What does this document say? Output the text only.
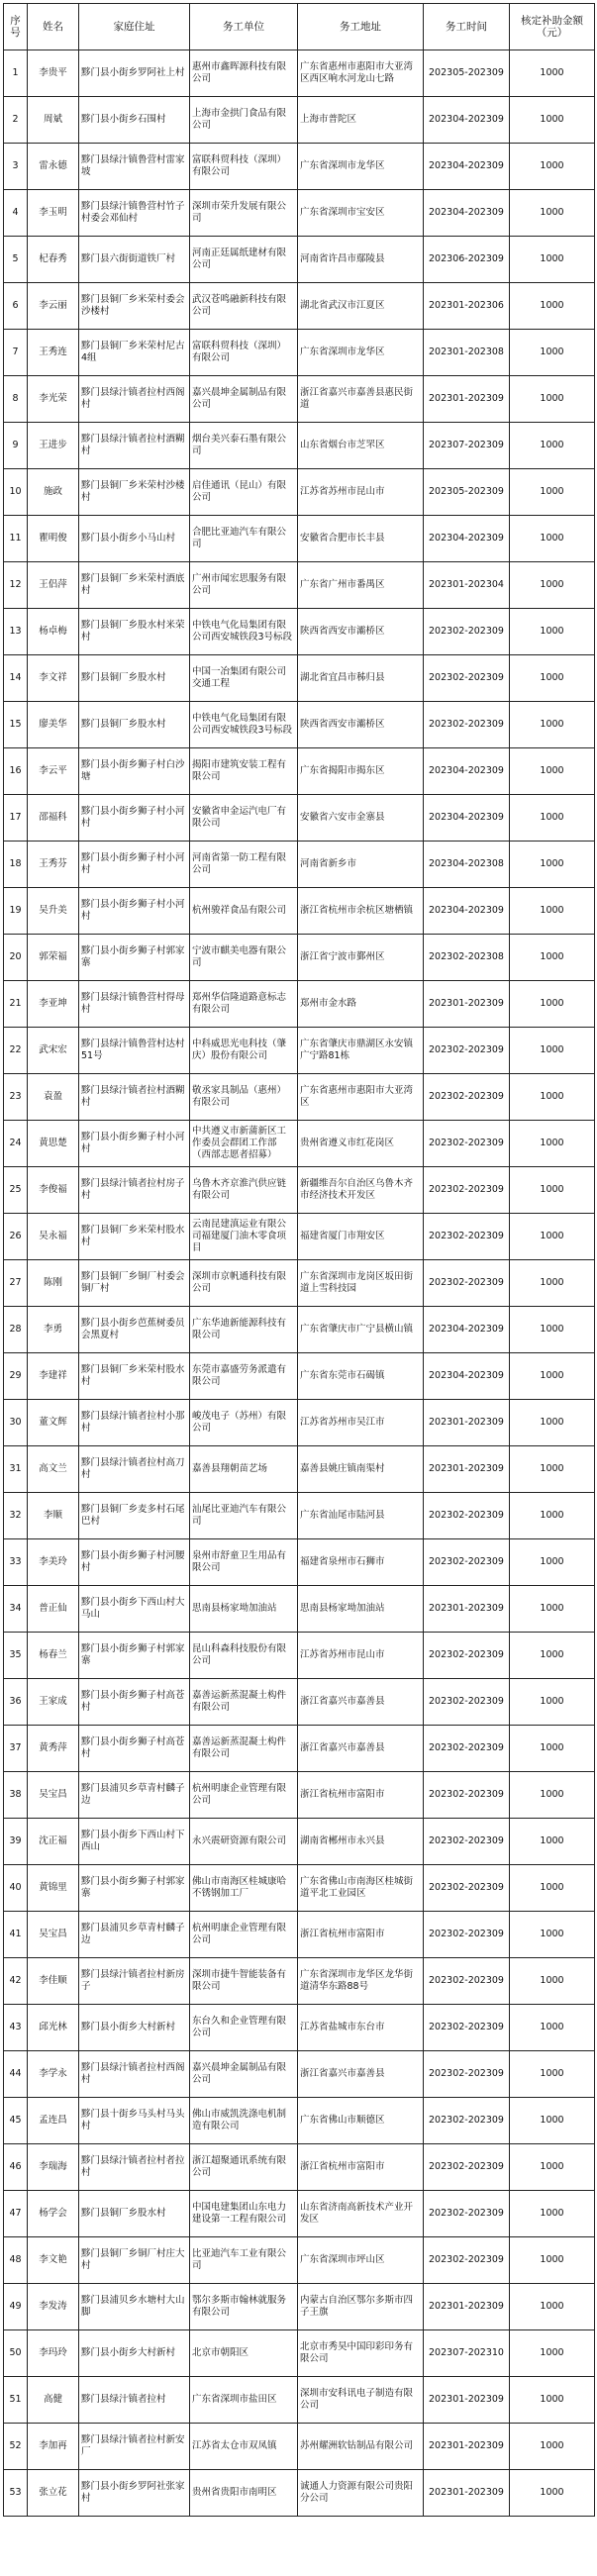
序号	姓名	家庭住址	务工单位	务工地址	务工时间	核定补助金额（元）
1	李贵平	黟门县小街乡罗阿社上村	惠州市鑫晖源科技有限公司	广东省惠州市惠阳市大亚湾区西区响水河龙山七路	202305-202309	1000
2	周斌	黟门县小街乡石围村	上海市金拱门食品有限公司	上海市普陀区	202304-202309	1000
3	雷永德	黟门县绿汁镇鲁营村雷家坡	富联科贸科技（深圳）有限公司	广东省深圳市龙华区	202304-202309	1000
4	李玉明	黟门县绿汁镇鲁营村竹子村委会邓仙村	深圳市荣升发展有限公司	广东省深圳市宝安区	202304-202309	1000
5	杞春秀	黟门县六街街道铁厂村	河南正廷属纸建材有限公司	河南省许昌市鄢陵县	202306-202309	1000
6	李云丽	黟门县铜厂乡米荣村委会沙楼村	武汉苍鸣融新科技有限公司	湖北省武汉市江夏区	202301-202306	1000
7	王秀连	黟门县铜厂乡米荣村尼古4组	富联科贸科技（深圳）有限公司	广东省深圳市龙华区	202301-202308	1000
8	李光荣	黟门县绿汁镇者拉村西阁村	嘉兴晨坤金属制品有限公司	浙江省嘉兴市嘉善县惠民街道	202301-202309	1000
9	王进步	黟门县绿汁镇者拉村酒糊村	烟台美兴泰石墨有限公司	山东省烟台市芝罘区	202307-202309	1000
10	施政	黟门县铜厂乡米荣村沙楼村	启佳通讯（昆山）有限公司	江苏省苏州市昆山市	202305-202309	1000
11	瞿明俊	黟门县小街乡小马山村	合肥比亚迪汽车有限公司	安徽省合肥市长丰县	202304-202309	1000
12	王侣萍	黟门县铜厂乡米荣村酒底村	广州市闻宏思服务有限公司	广东省广州市番禺区	202301-202304	1000
13	杨卓梅	黟门县铜厂乡股水村米荣村	中铁电气化局集团有限公司西安城铁段3号标段	陕西省西安市灞桥区	202302-202309	1000
14	李文祥	黟门县铜厂乡股水村	中国一冶集团有限公司交通工程	湖北省宜昌市秭归县	202302-202309	1000
15	廖美华	黟门县铜厂乡股水村	中铁电气化局集团有限公司西安城铁段3号标段	陕西省西安市灞桥区	202302-202309	1000
16	李云平	黟门县小街乡狮子村白沙塘	揭阳市建筑安装工程有限公司	广东省揭阳市揭东区	202304-202309	1000
17	邵福科	黟门县小街乡狮子村小河村	安徽省申金运汽电厂有限公司	安徽省六安市金寨县	202304-202309	1000
18	王秀芬	黟门县小街乡狮子村小河村	河南省第一防工程有限公司	河南省新乡市	202304-202308	1000
19	吴升美	黟门县小街乡狮子村小河村	杭州骏祥食品有限公司	浙江省杭州市余杭区塘栖镇	202304-202309	1000
20	郭荣福	黟门县小街乡狮子村郭家寨	宁波市麒美电器有限公司	浙江省宁波市鄞州区	202302-202308	1000
21	李亚坤	黟门县绿汁镇鲁营村得母村	郑州华信隆道路意标志有限公司	郑州市金水路	202301-202309	1000
22	武宋宏	黟门县绿汁镇鲁营村达村51号	中科威思光电科技（肇庆）股份有限公司	广东省肇庆市鼎湖区永安镇广宁路81栋	202302-202309	1000
23	袁盈	黟门县绿汁镇者拉村酒糊村	敬丞家具制品（惠州）有限公司	广东省惠州市惠阳市大亚湾区	202302-202309	1000
24	黄思楚	黟门县小街乡狮子村小河村	中共遵义市新蒲新区工作委员会群团工作部（西部志愿者招募）	贵州省遵义市红花岗区	202302-202309	1000
25	李俊福	黟门县绿汁镇者拉村房子村	乌鲁木齐京淮汽供应链有限公司	新疆维吾尔自治区乌鲁木齐市经济技术开发区	202302-202309	1000
26	吴永福	黟门县铜厂乡米荣村股水村	云南昆建滇运业有限公司福建厦门油木零食项目	福建省厦门市翔安区	202302-202309	1000
27	陈刚	黟门县铜厂乡铜厂村委会铜厂村	深圳市京帆通科技有限公司	广东省深圳市龙岗区坂田街道上雪科技园	202302-202309	1000
28	李勇	黟门县小街乡芭蕉树委员会黑夏村	广东华迪新能源科技有限公司	广东省肇庆市广宁县横山镇	202304-202309	1000
29	李建祥	黟门县铜厂乡米荣村股水村	东莞市嘉盛劳务派遣有限公司	广东省东莞市石碣镇	202304-202309	1000
30	董文辉	黟门县绿汁镇者拉村小那村	峻茂电子（苏州）有限公司	江苏省苏州市吴江市	202301-202309	1000
31	高文兰	黟门县绿汁镇者拉村高刀村	嘉善县翔朝苗艺场	嘉善县姚庄镇南渠村	202301-202309	1000
32	李顺	黟门县铜厂乡麦多村石尾巴村	汕尾比亚迪汽车有限公司	广东省汕尾市陆河县	202302-202309	1000
33	李美玲	黟门县小街乡狮子村河腰村	泉州市舒童卫生用品有限公司	福建省泉州市石狮市	202302-202309	1000
34	普正仙	黟门县小街乡下西山村大马山	思南县杨家坳加油站	思南县杨家坳加油站	202301-202309	1000
35	杨春兰	黟门县小街乡狮子村郭家寨	昆山科森科技股份有限公司	江苏省苏州市昆山市	202302-202309	1000
36	王家成	黟门县小街乡狮子村高苍村	嘉善运新蒸混凝土构件有限公司	浙江省嘉兴市嘉善县	202302-202309	1000
37	黄秀萍	黟门县小街乡狮子村高苍村	嘉善运新蒸混凝土构件有限公司	浙江省嘉兴市嘉善县	202302-202309	1000
38	吴宝昌	黟门县浦贝乡草青村麟子边	杭州明康企业管理有限公司	浙江省杭州市富阳市	202302-202309	1000
39	沈正福	黟门县小街乡下西山村下西山	永兴震研资源有限公司	湖南省郴州市永兴县	202302-202309	1000
40	黄锦里	黟门县小街乡狮子村郭家寨	佛山市南海区桂城康哈不锈钢加工厂	广东省佛山市南海区桂城街道平北工业园区	202302-202309	1000
41	吴宝昌	黟门县浦贝乡草青村麟子边	杭州明康企业管理有限公司	浙江省杭州市富阳市	202302-202309	1000
42	李佳顺	黟门县绿汁镇者拉村新房子	深圳市捷牛智能装备有限公司	广东省深圳市龙华区龙华街道清华东路88号	202302-202309	1000
43	邱光林	黟门县小街乡大村新村	东台久和企业管理有限公司	江苏省盐城市东台市	202302-202309	1000
44	李学永	黟门县绿汁镇者拉村西阁村	嘉兴晨坤金属制品有限公司	浙江省嘉兴市嘉善县	202302-202309	1000
45	孟连昌	黟门县十街乡马头村马头村	佛山市威凯洗涤电机制造有限公司	广东省佛山市顺德区	202302-202309	1000
46	李瑞海	黟门县绿汁镇者拉村者拉村	浙江超聚通讯系统有限公司	浙江省杭州市富阳市	202302-202309	1000
47	杨学会	黟门县铜厂乡股水村	中国电建集团山东电力建设第一工程有限公司	山东省济南高新技术产业开发区	202302-202309	1000
48	李文艳	黟门县铜厂乡铜厂村庄大村	比亚迪汽车工业有限公司	广东省深圳市坪山区	202302-202309	1000
49	李发涛	黟门县浦贝乡水塘村大山脚	鄂尔多斯市翰林就服务有限公司	内蒙古自治区鄂尔多斯市四子王旗	202301-202309	1000
50	李玛玲	黟门县小街乡大村新村	北京市朝阳区	北京市秀昊中国印彩印务有限公司	202307-202310	1000
51	高健	黟门县绿汁镇者拉村	广东省深圳市盐田区	深圳市安科讯电子制造有限公司	202301-202309	1000
52	李加再	黟门县绿汁镇者拉村新安厂	江苏省太仓市双凤镇	苏州耀洲软钻制品有限公司	202301-202309	1000
53	张立花	黟门县小街乡罗阿社张家村	贵州省贵阳市南明区	诚通人力资源有限公司贵阳分公司	202301-202309	1000
